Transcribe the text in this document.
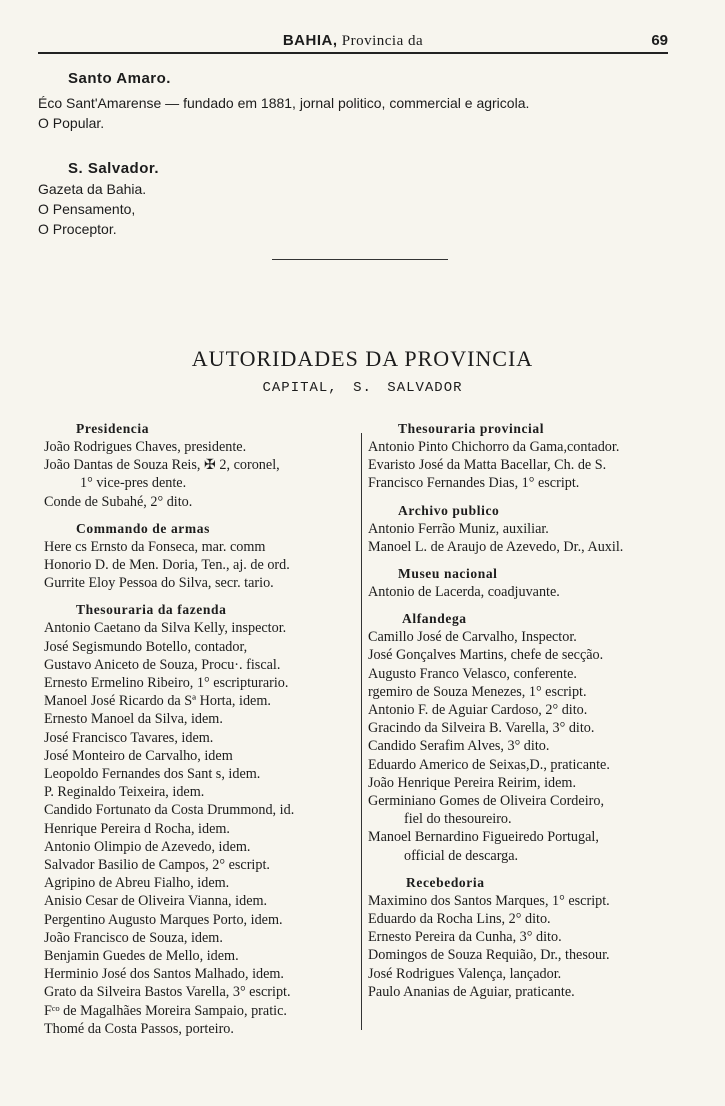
BAHIA, Provincia da	69
Santo Amaro.
Éco Sant'Amarense — fundado em 1881, jornal politico, commercial e agricola.
O Popular.
S. Salvador.
Gazeta da Bahia.
O Pensamento,
O Proceptor.
AUTORIDADES DA PROVINCIA
CAPITAL, S. SALVADOR
Presidencia
João Rodrigues Chaves, presidente.
João Dantas de Souza Reis, ✠ 2, coronel,
1° vice-pres dente.
Conde de Subahé, 2° dito.
Commando de armas
Here cs Ernsto da Fonseca, mar. comm
Honorio D. de Men. Doria, Ten., aj. de ord.
Gurrite Eloy Pessoa do Silva, secr. tario.
Thesouraria da fazenda
Antonio Caetano da Silva Kelly, inspector.
José Segismundo Botello, contador,
Gustavo Aniceto de Souza, Procu·. fiscal.
Ernesto Ermelino Ribeiro, 1° escripturario.
Manoel José Ricardo da Sª Horta, idem.
Ernesto Manoel da Silva, idem.
José Francisco Tavares, idem.
José Monteiro de Carvalho, idem
Leopoldo Fernandes dos Sant s, idem.
P. Reginaldo Teixeira, idem.
Candido Fortunato da Costa Drummond, id.
Henrique Pereira d Rocha, idem.
Antonio Olimpio de Azevedo, idem.
Salvador Basilio de Campos, 2° escript.
Agripino de Abreu Fialho, idem.
Anisio Cesar de Oliveira Vianna, idem.
Pergentino Augusto Marques Porto, idem.
João Francisco de Souza, idem.
Benjamin Guedes de Mello, idem.
Herminio José dos Santos Malhado, idem.
Grato da Silveira Bastos Varella, 3° escript.
Fᶜᵒ de Magalhães Moreira Sampaio, pratic.
Thomé da Costa Passos, porteiro.
Thesouraria provincial
Antonio Pinto Chichorro da Gama,contador.
Evaristo José da Matta Bacellar, Ch. de S.
Francisco Fernandes Dias, 1° escript.
Archivo publico
Antonio Ferrão Muniz, auxiliar.
Manoel L. de Araujo de Azevedo, Dr., Auxil.
Museu nacional
Antonio de Lacerda, coadjuvante.
Alfandega
Camillo José de Carvalho, Inspector.
José Gonçalves Martins, chefe de secção.
Augusto Franco Velasco, conferente.
rgemiro de Souza Menezes, 1° escript.
Antonio F. de Aguiar Cardoso, 2° dito.
Gracindo da Silveira B. Varella, 3° dito.
Candido Serafim Alves, 3° dito.
Eduardo Americo de Seixas,D., praticante.
João Henrique Pereira Reirim, idem.
Germiniano Gomes de Oliveira Cordeiro,
fiel do thesoureiro.
Manoel Bernardino Figueiredo Portugal,
official de descarga.
Recebedoria
Maximino dos Santos Marques, 1° escript.
Eduardo da Rocha Lins, 2° dito.
Ernesto Pereira da Cunha, 3° dito.
Domingos de Souza Requião, Dr., thesour.
José Rodrigues Valença, lançador.
Paulo Ananias de Aguiar, praticante.
